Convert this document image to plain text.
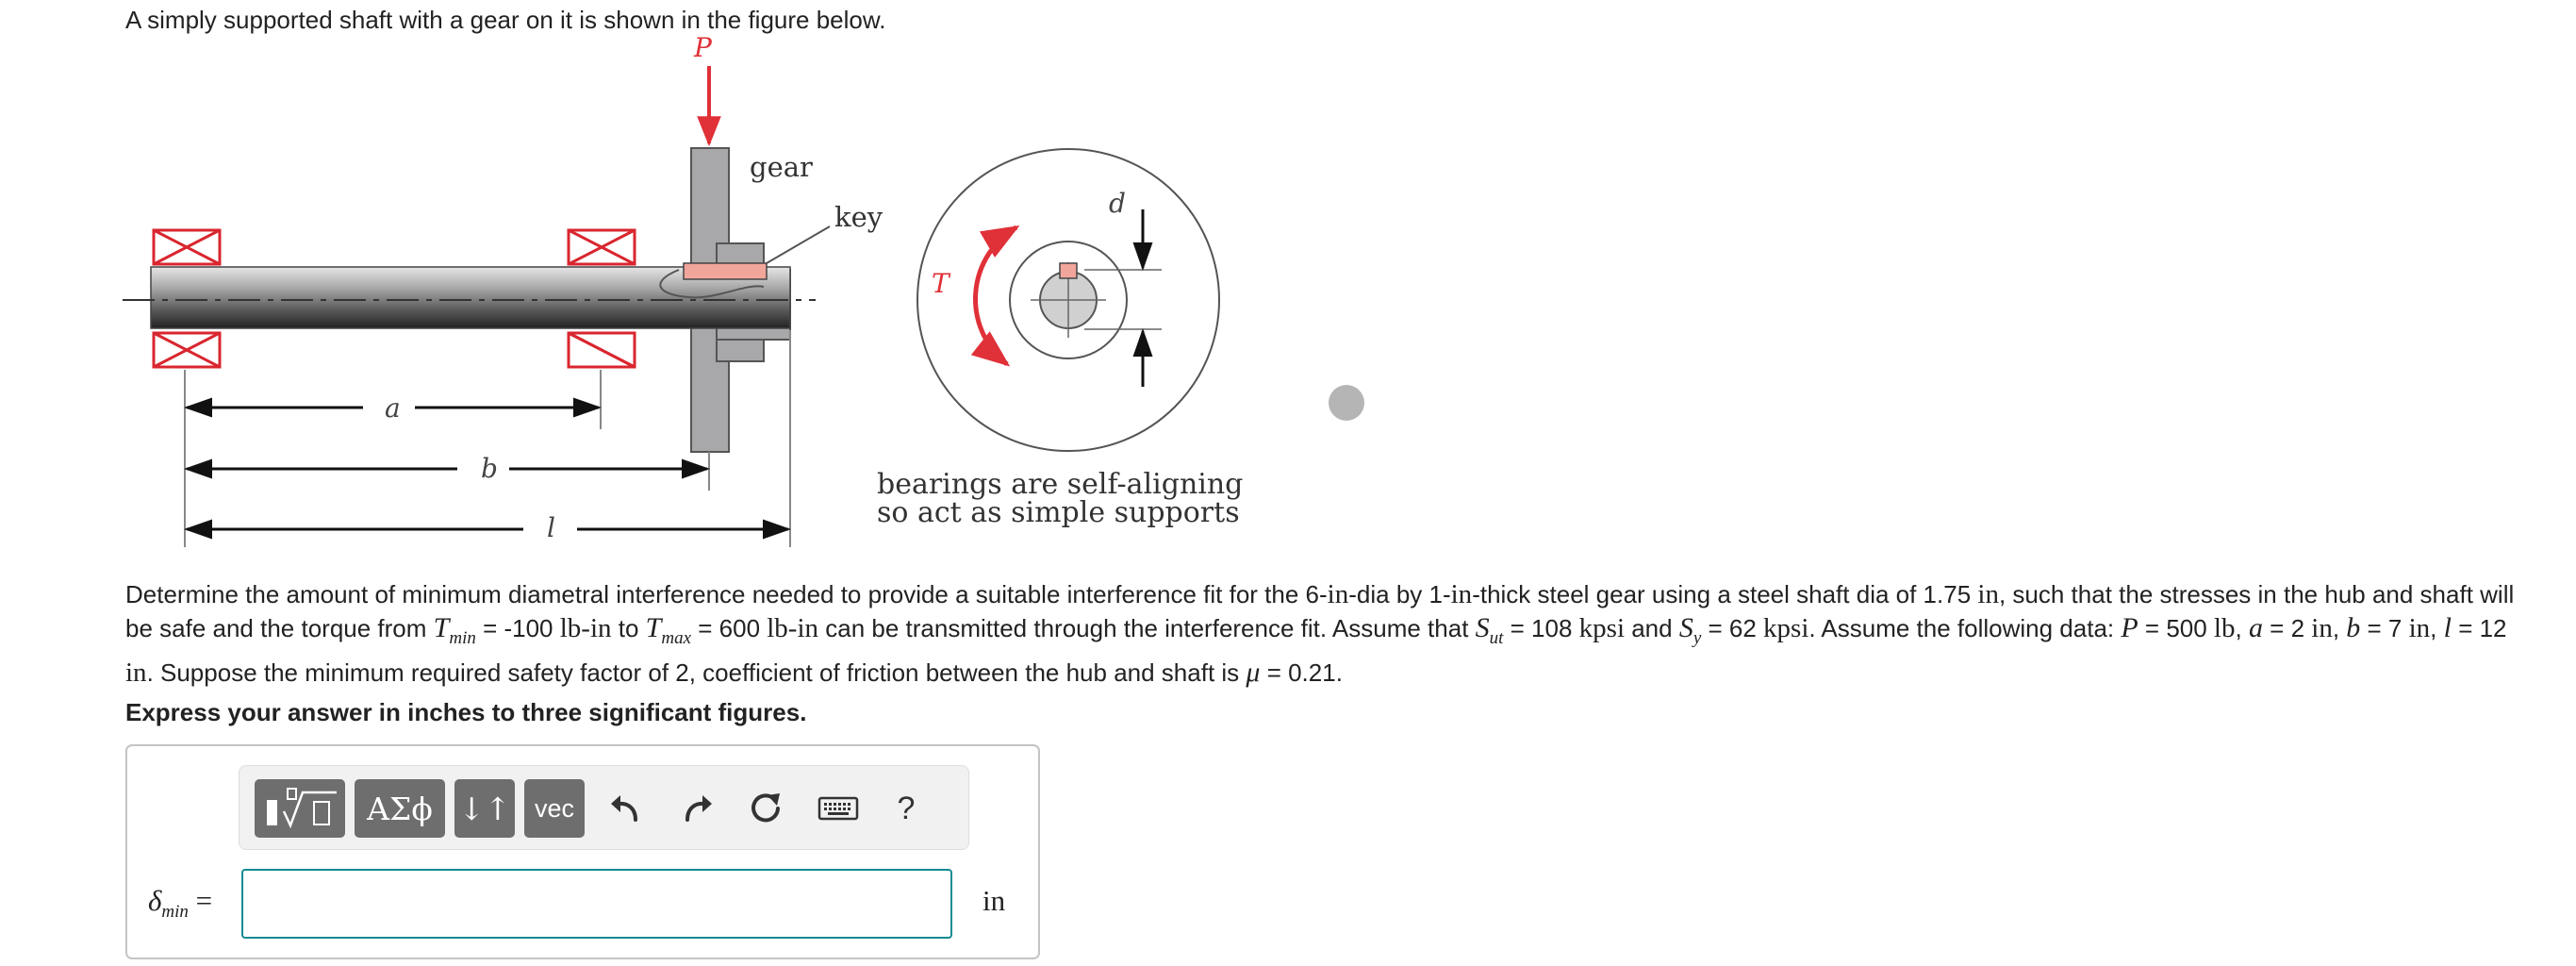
A simply supported shaft with a gear on it is shown in the figure below.
P
key
gear
a
b
l
d
T
bearings are self-aligning
so act as simple supports
Determine the amount of minimum diametral interference needed to provide a suitable interference fit for the 6-in-dia by 1-in-thick steel gear using a steel shaft dia of 1.75 in, such that the stresses in the hub and shaft will be safe and the torque from $T_{min} = -100$ lb-in to $T_{max} = 600$ lb-in can be transmitted through the interference fit. Assume that $S_{ut} = 108$ kpsi and $S_y = 62$ kpsi. Assume the following data: P = 500 lb, a = 2 in, b = 7 in, l = 12 in. Suppose the minimum required safety factor of 2, coefficient of friction between the hub and shaft is μ = 0.21.
Express your answer in inches to three significant figures.
ΑΣϕ ↓↑ vec	?
$\delta_{min}$ =	in
